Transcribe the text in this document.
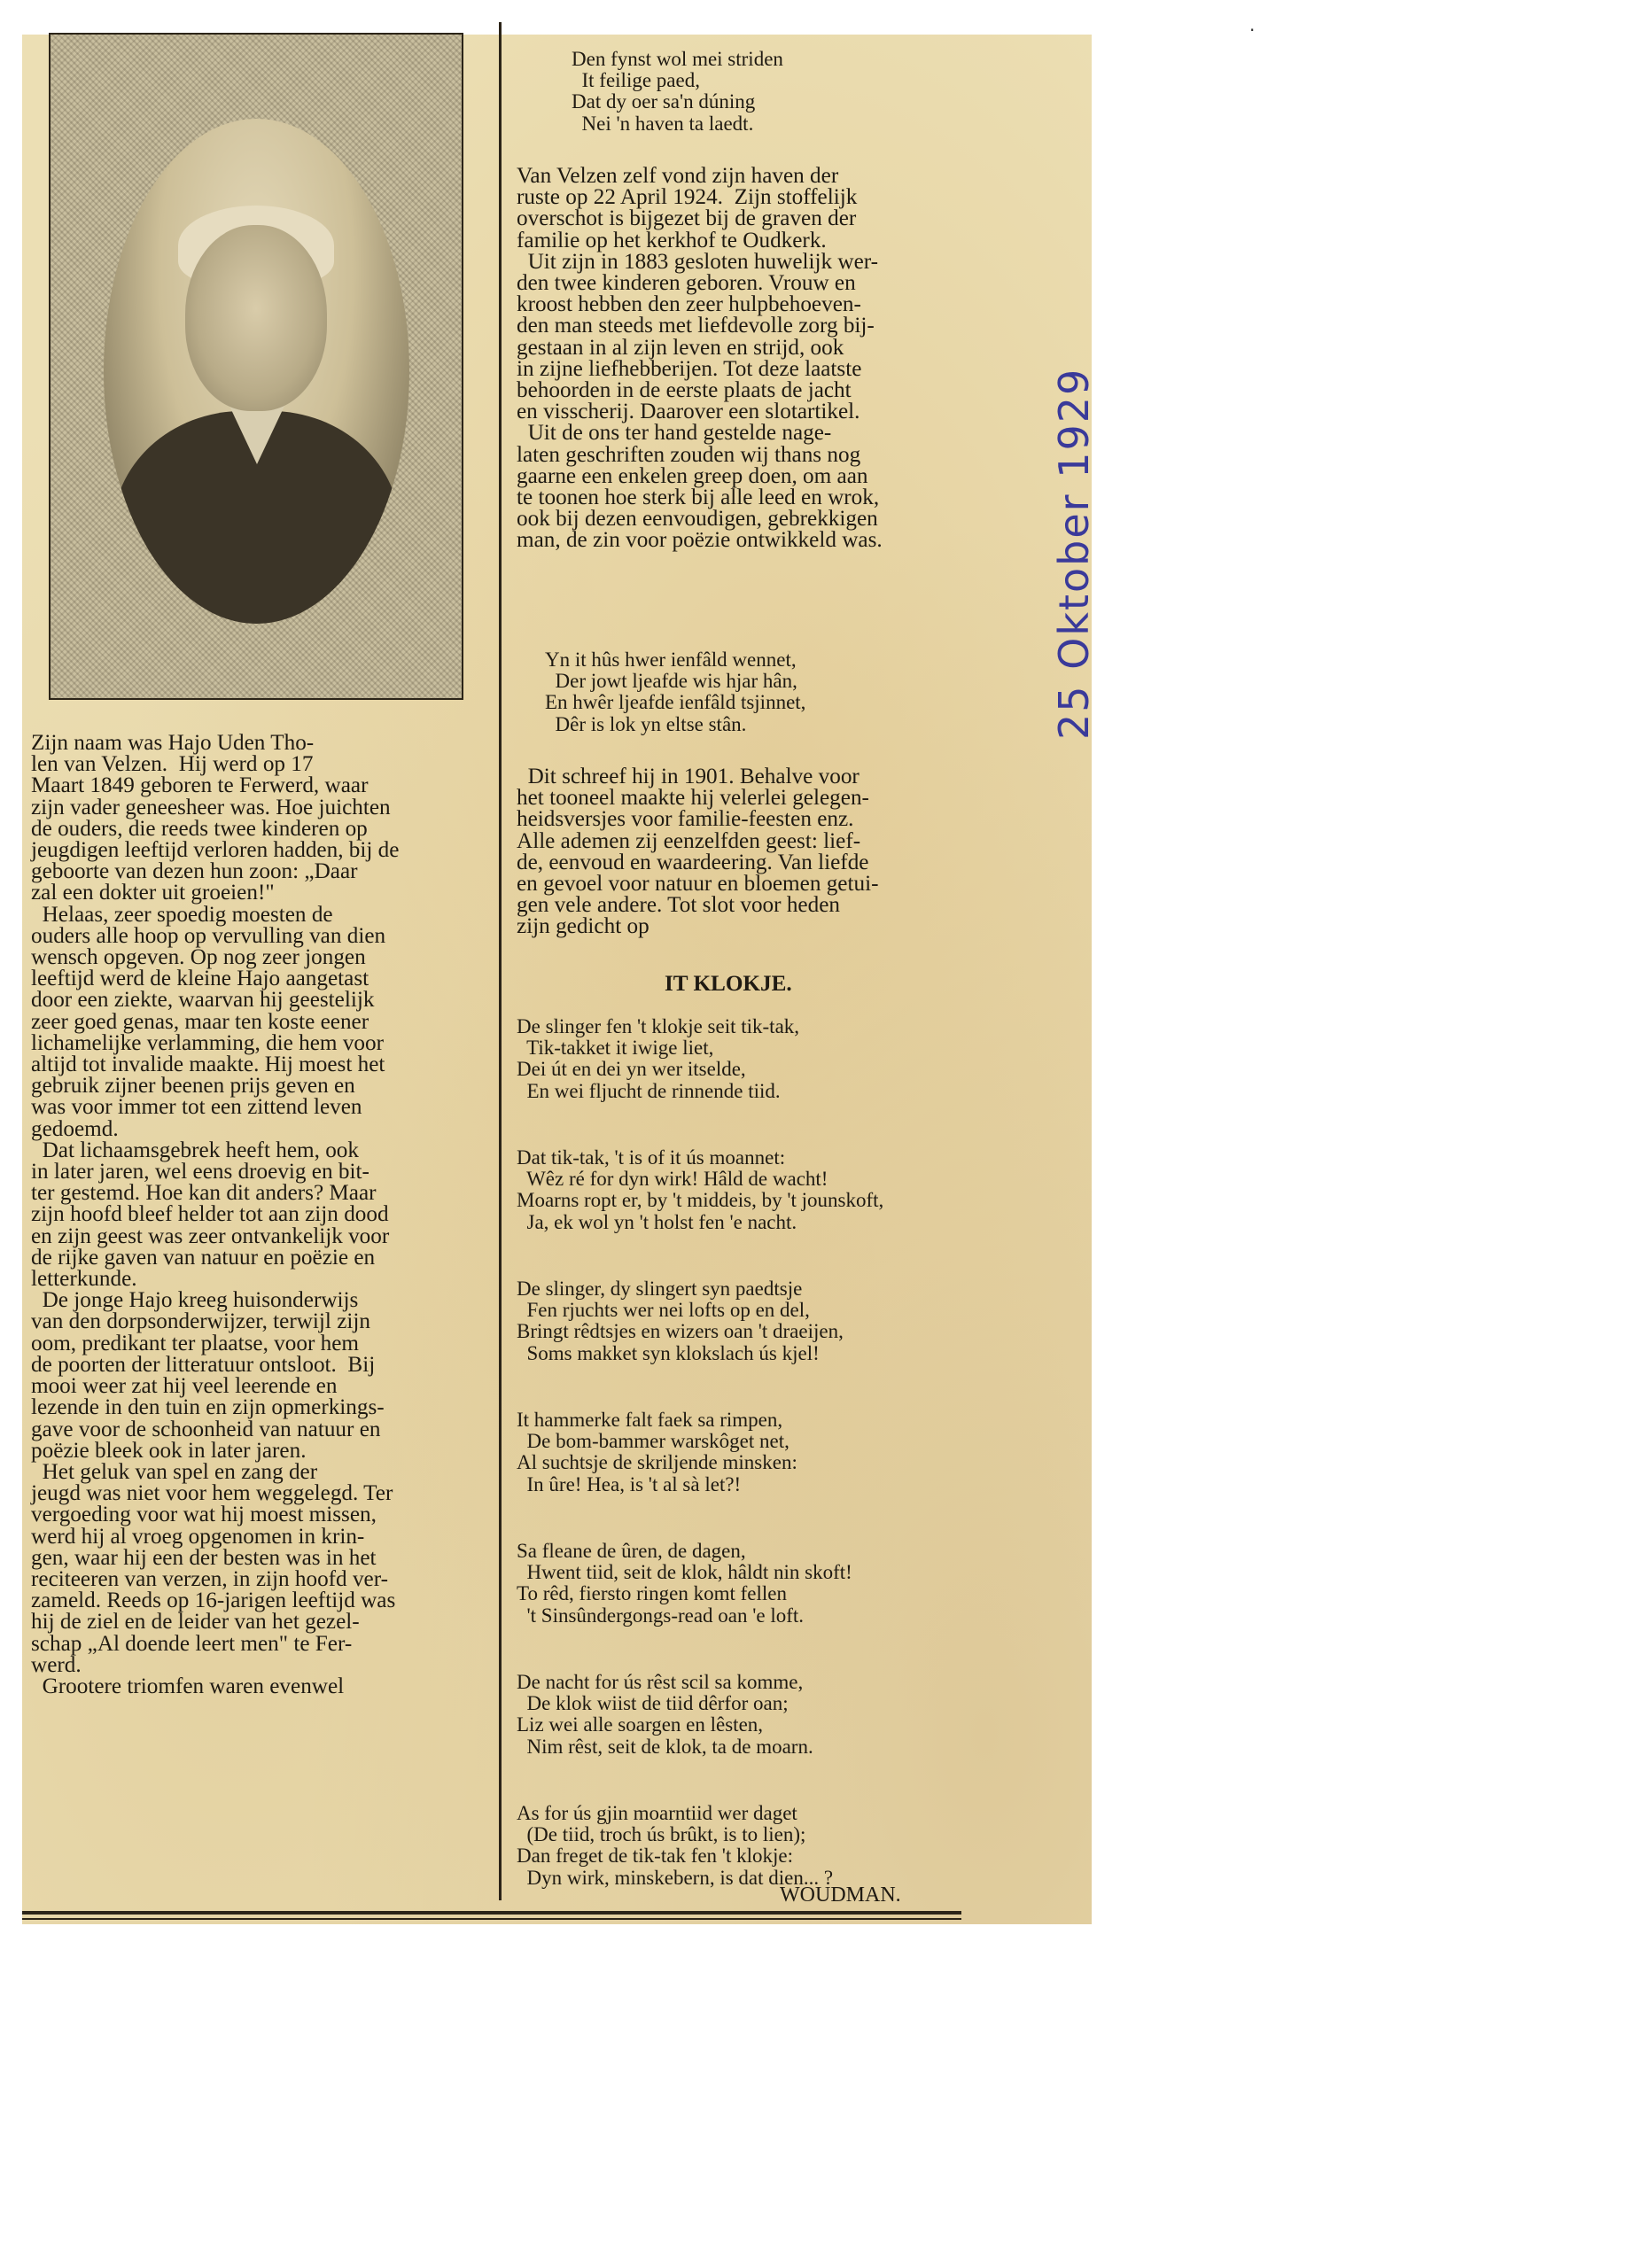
Zijn naam was Hajo Uden Tho-
len van Velzen.  Hij werd op 17
Maart 1849 geboren te Ferwerd, waar
zijn vader geneesheer was. Hoe juichten
de ouders, die reeds twee kinderen op
jeugdigen leeftijd verloren hadden, bij de
geboorte van dezen hun zoon: „Daar
zal een dokter uit groeien!"
Helaas, zeer spoedig moesten de
ouders alle hoop op vervulling van dien
wensch opgeven. Op nog zeer jongen
leeftijd werd de kleine Hajo aangetast
door een ziekte, waarvan hij geestelijk
zeer goed genas, maar ten koste eener
lichamelijke verlamming, die hem voor
altijd tot invalide maakte. Hij moest het
gebruik zijner beenen prijs geven en
was voor immer tot een zittend leven
gedoemd.
Dat lichaamsgebrek heeft hem, ook
in later jaren, wel eens droevig en bit-
ter gestemd. Hoe kan dit anders? Maar
zijn hoofd bleef helder tot aan zijn dood
en zijn geest was zeer ontvankelijk voor
de rijke gaven van natuur en poëzie en
letterkunde.
De jonge Hajo kreeg huisonderwijs
van den dorpsonderwijzer, terwijl zijn
oom, predikant ter plaatse, voor hem
de poorten der litteratuur ontsloot.  Bij
mooi weer zat hij veel leerende en
lezende in den tuin en zijn opmerkings-
gave voor de schoonheid van natuur en
poëzie bleek ook in later jaren.
Het geluk van spel en zang der
jeugd was niet voor hem weggelegd. Ter
vergoeding voor wat hij moest missen,
werd hij al vroeg opgenomen in krin-
gen, waar hij een der besten was in het
reciteeren van verzen, in zijn hoofd ver-
zameld. Reeds op 16-jarigen leeftijd was
hij de ziel en de leider van het gezel-
schap „Al doende leert men" te Fer-
werd.
Grootere triomfen waren evenwel
Den fynst wol mei striden
It feilige paed,
Dat dy oer sa'n dúning
Nei 'n haven ta laedt.
Van Velzen zelf vond zijn haven der
ruste op 22 April 1924.  Zijn stoffelijk
overschot is bijgezet bij de graven der
familie op het kerkhof te Oudkerk.
Uit zijn in 1883 gesloten huwelijk wer-
den twee kinderen geboren. Vrouw en
kroost hebben den zeer hulpbehoeven-
den man steeds met liefdevolle zorg bij-
gestaan in al zijn leven en strijd, ook
in zijne liefhebberijen. Tot deze laatste
behoorden in de eerste plaats de jacht
en visscherij. Daarover een slotartikel.
Uit de ons ter hand gestelde nage-
laten geschriften zouden wij thans nog
gaarne een enkelen greep doen, om aan
te toonen hoe sterk bij alle leed en wrok,
ook bij dezen eenvoudigen, gebrekkigen
man, de zin voor poëzie ontwikkeld was.
Yn it hûs hwer ienfâld wennet,
Der jowt ljeafde wis hjar hân,
En hwêr ljeafde ienfâld tsjinnet,
Dêr is lok yn eltse stân.
Dit schreef hij in 1901. Behalve voor
het tooneel maakte hij velerlei gelegen-
heidsversjes voor familie-feesten enz.
Alle ademen zij eenzelfden geest: lief-
de, eenvoud en waardeering. Van liefde
en gevoel voor natuur en bloemen getui-
gen vele andere. Tot slot voor heden
zijn gedicht op
IT KLOKJE.
De slinger fen 't klokje seit tik-tak,
Tik-takket it iwige liet,
Dei út en dei yn wer itselde,
En wei fljucht de rinnende tiid.
Dat tik-tak, 't is of it ús moannet:
Wêz ré for dyn wirk! Hâld de wacht!
Moarns ropt er, by 't middeis, by 't jounskoft,
Ja, ek wol yn 't holst fen 'e nacht.
De slinger, dy slingert syn paedtsje
Fen rjuchts wer nei lofts op en del,
Bringt rêdtsjes en wizers oan 't draeijen,
Soms makket syn klokslach ús kjel!
It hammerke falt faek sa rimpen,
De bom-bammer warskôget net,
Al suchtsje de skriljende minsken:
In ûre! Hea, is 't al sà let?!
Sa fleane de ûren, de dagen,
Hwent tiid, seit de klok, hâldt nin skoft!
To rêd, fiersto ringen komt fellen
't Sinsûndergongs-read oan 'e loft.
De nacht for ús rêst scil sa komme,
De klok wiist de tiid dêrfor oan;
Liz wei alle soargen en lêsten,
Nim rêst, seit de klok, ta de moarn.
As for ús gjin moarntiid wer daget
(De tiid, troch ús brûkt, is to lien);
Dan freget de tik-tak fen 't klokje:
Dyn wirk, minskebern, is dat dien... ?
WOUDMAN.
25 Oktober 1929
·
